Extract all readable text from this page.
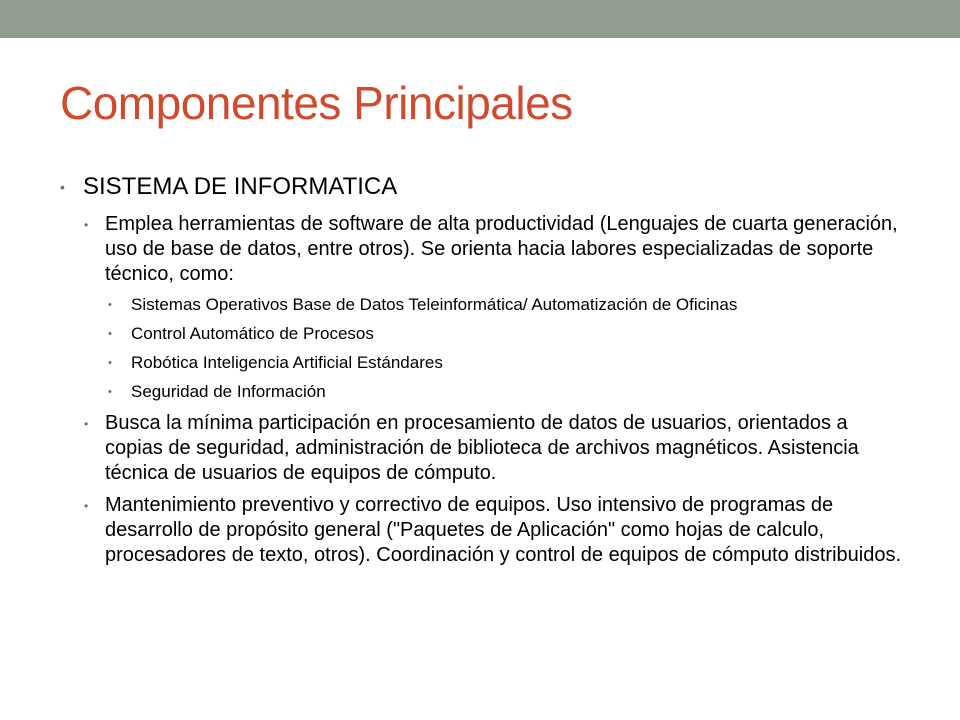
Componentes Principales
• SISTEMA DE INFORMATICA
• Emplea herramientas de software de alta productividad (Lenguajes de cuarta generación, uso de base de datos, entre otros). Se orienta hacia labores especializadas de soporte técnico, como:
• Sistemas Operativos Base de Datos Teleinformática/ Automatización de Oficinas
• Control Automático de Procesos
• Robótica Inteligencia Artificial Estándares
• Seguridad de Información
• Busca la mínima participación en procesamiento de datos de usuarios, orientados a copias de seguridad, administración de biblioteca de archivos magnéticos. Asistencia técnica de usuarios de equipos de cómputo.
• Mantenimiento preventivo y correctivo de equipos. Uso intensivo de programas de desarrollo de propósito general ("Paquetes de Aplicación" como hojas de calculo, procesadores de texto, otros). Coordinación y control de equipos de cómputo distribuidos.
